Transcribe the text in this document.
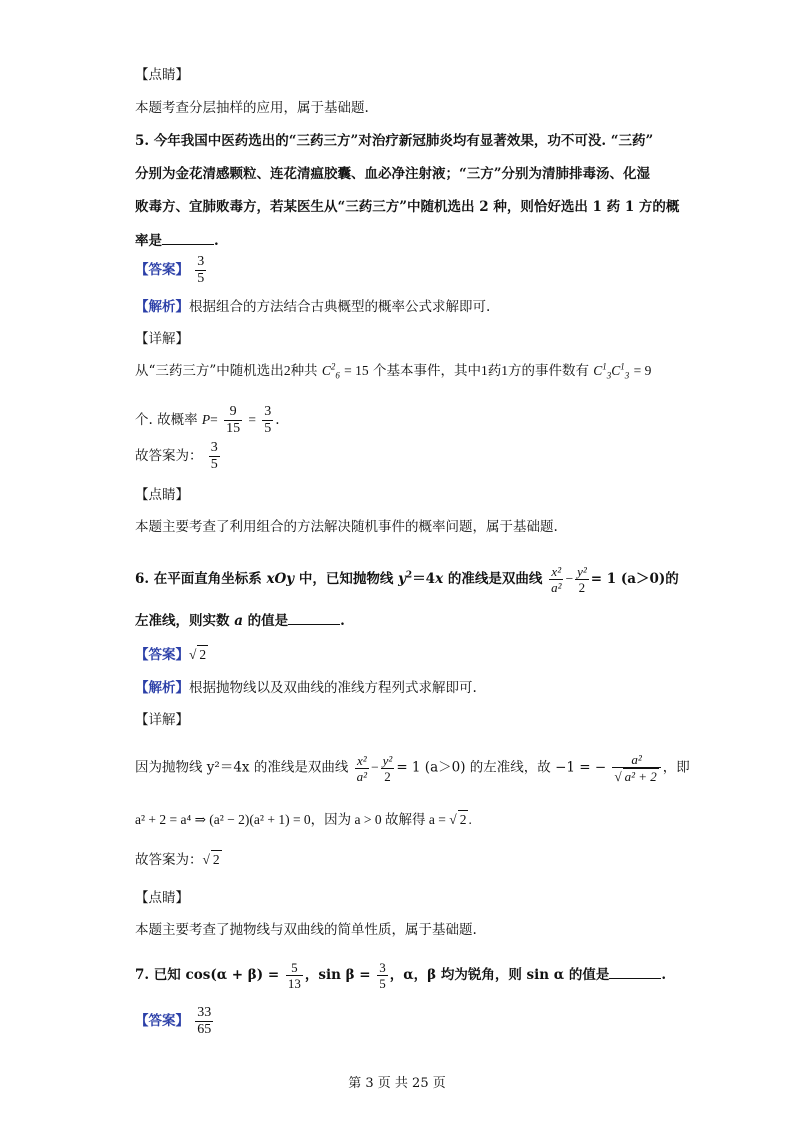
【点睛】
本题考查分层抽样的应用，属于基础题.
5. 今年我国中医药选出的“三药三方”对治疗新冠肺炎均有显著效果，功不可没. “三药”
分别为金花清感颗粒、连花清瘟胶囊、血必净注射液；“三方”分别为清肺排毒汤、化湿
败毒方、宜肺败毒方，若某医生从“三药三方”中随机选出 2 种，则恰好选出 1 药 1 方的概
率是	.
【答案】 $\frac{3}{5}$
【解析】根据组合的方法结合古典概型的概率公式求解即可.
【详解】
从“三药三方”中随机选出2种共 $C^2_6 = 15$ 个基本事件，其中1药1方的事件数有 $C^1_3C^1_3 = 9$
个. 故概率 $P= \frac{9}{15} = \frac{3}{5}$ .
故答案为： $\frac{3}{5}$
【点睛】
本题主要考查了利用组合的方法解决随机事件的概率问题，属于基础题.
6. 在平面直角坐标系 xOy 中，已知抛物线 $y^2=4x$ 的准线是双曲线 $\frac{\text{x²}}{\text{a²}} - \frac{\text{y²}}{2} = 1$ (a＞0)的
左准线，则实数 a 的值是	.
【答案】√ 2
【解析】根据抛物线以及双曲线的准线方程列式求解即可.
【详解】
因为抛物线 y²＝4x 的准线是双曲线 $\frac{\text{x²}}{\text{a²}} - \frac{\text{y²}}{2} = 1$ (a＞0) 的左准线，故 −1 = − $\frac{\text{a²}}{\text{√ a² + 2}}$ ，即
a² + 2 = a⁴ ⇒ (a² − 2)(a² + 1) = 0，因为 a > 0 故解得 a = √ 2 .
故答案为：√ 2
【点睛】
本题主要考查了抛物线与双曲线的简单性质，属于基础题.
7. 已知 $\cos(\alpha + \beta) = \frac{5}{13}$ ，$\sin \beta = \frac{3}{5}$ ，α，β 均为锐角，则 sin α 的值是	.
【答案】 $\frac{33}{65}$
第 3 页 共 25 页
